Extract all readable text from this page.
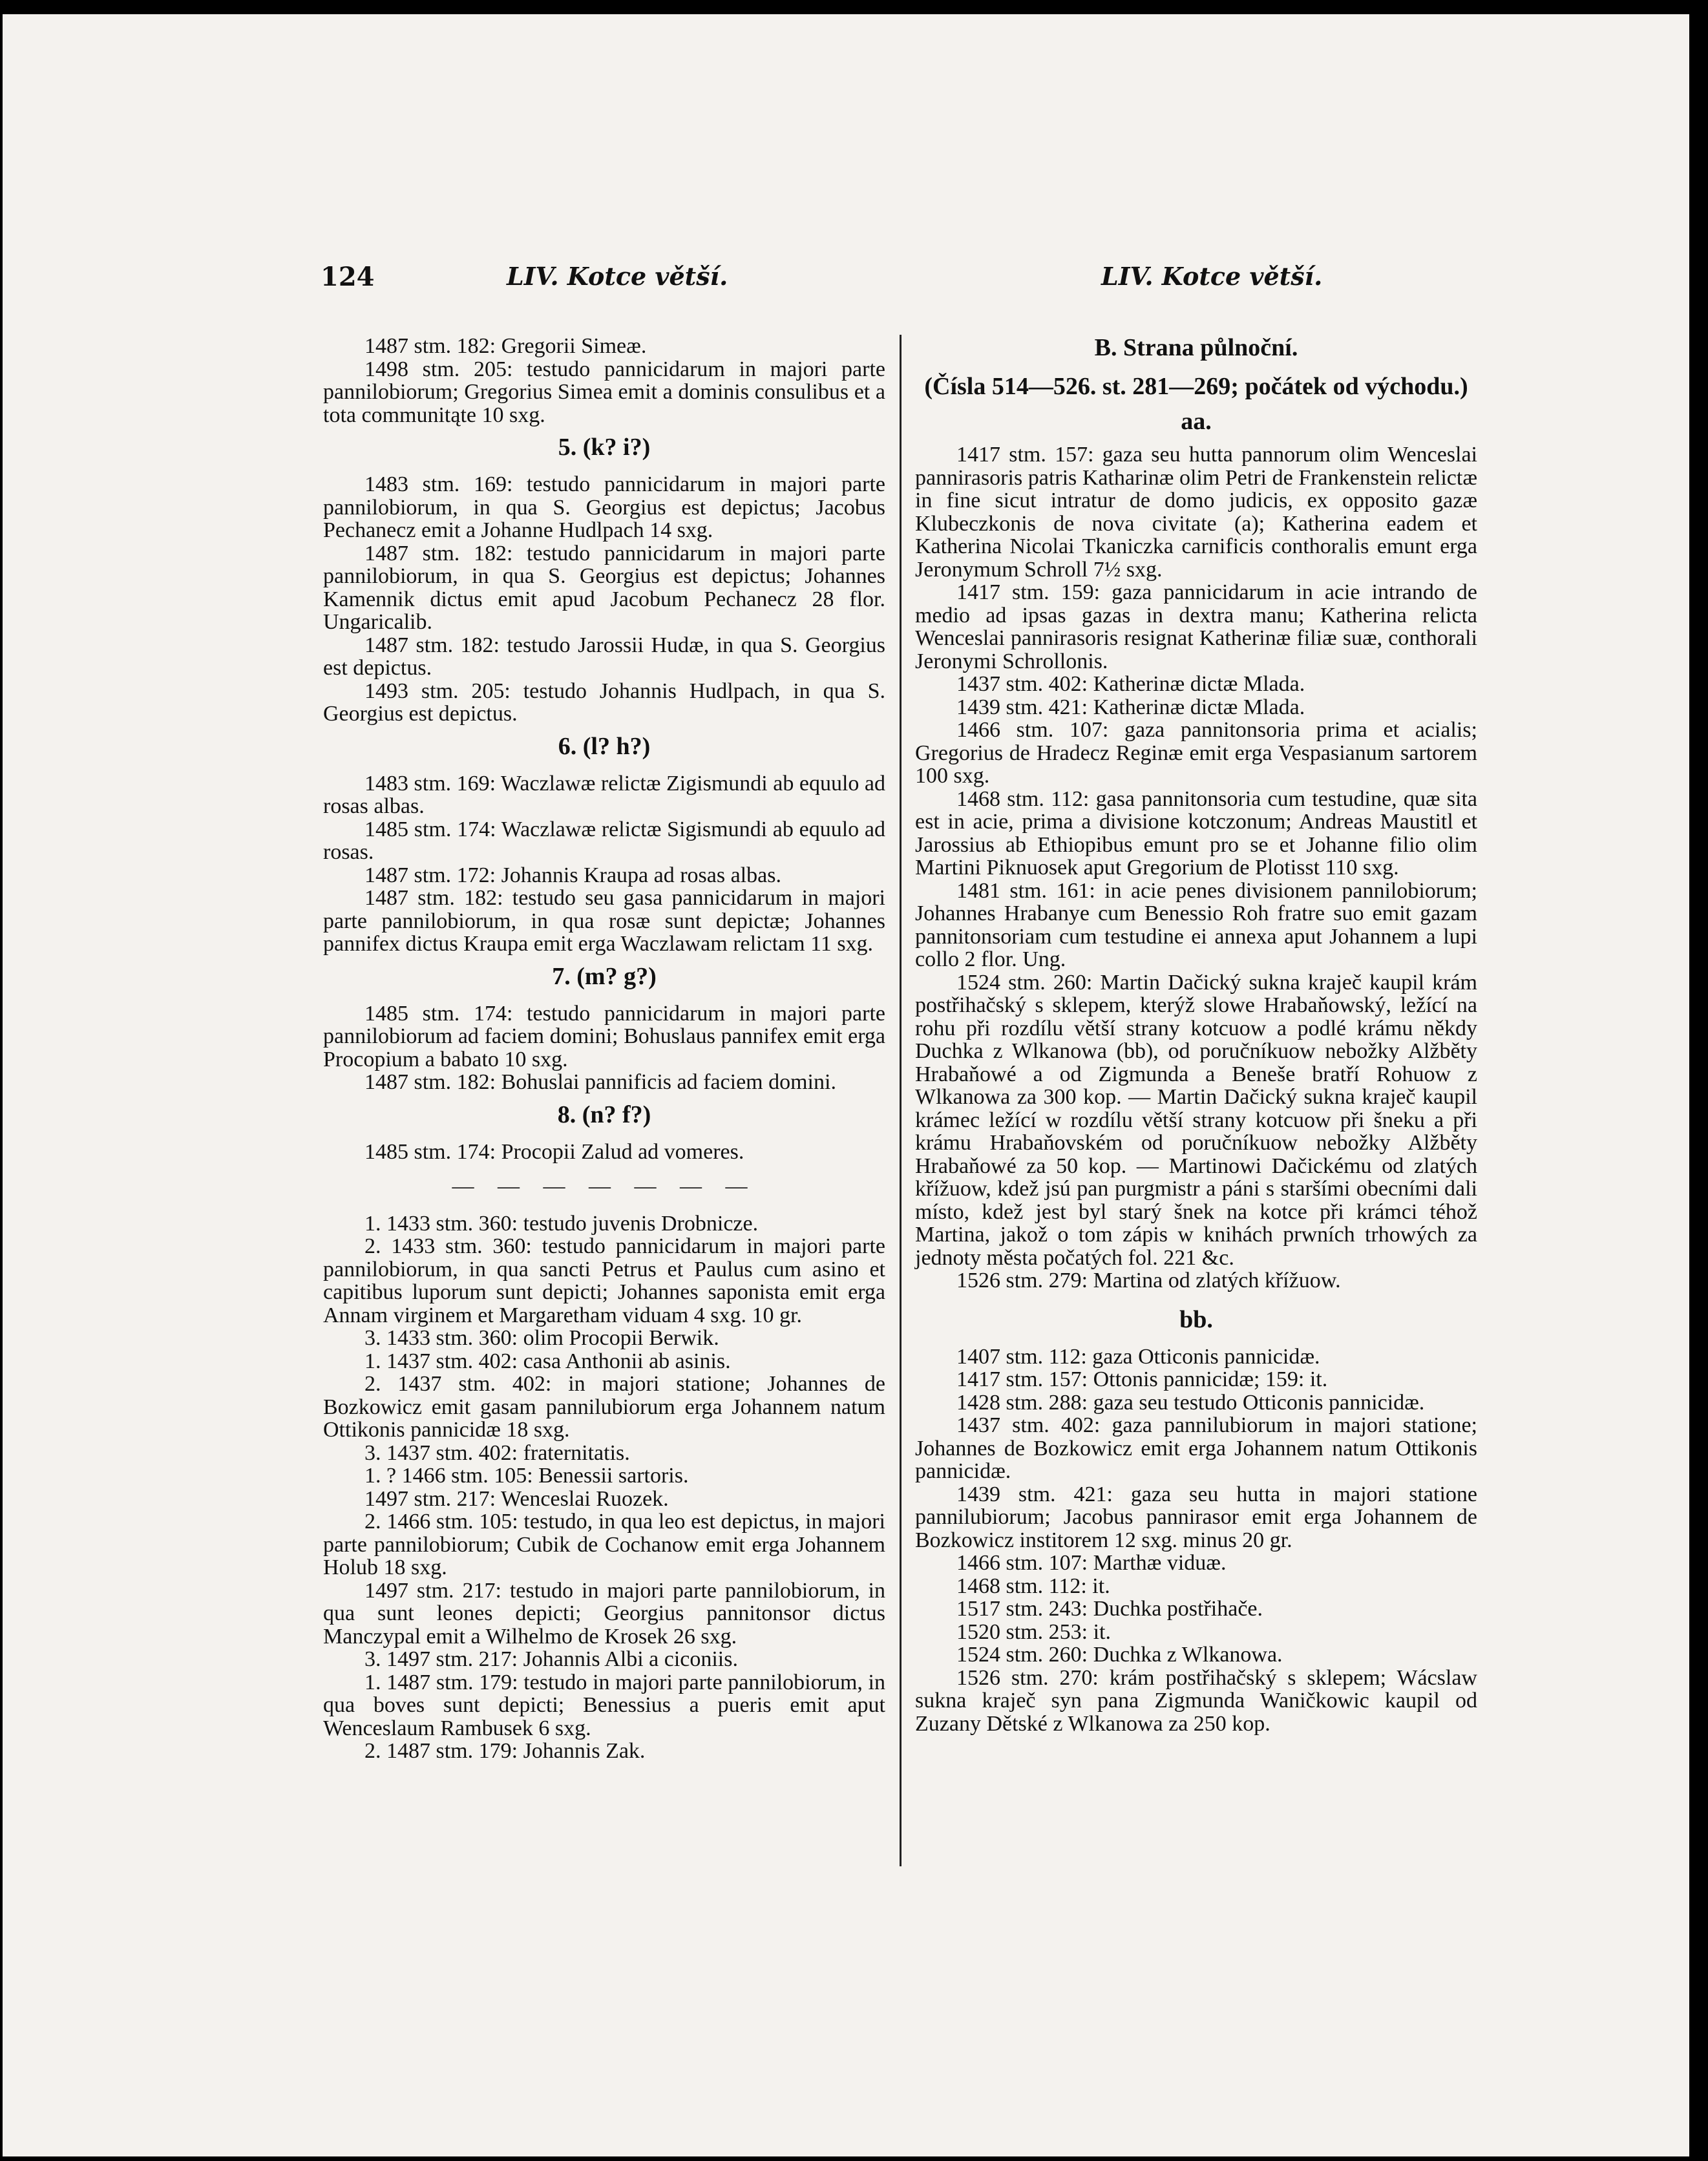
124	LIV. Kotce větší.	LIV. Kotce větší.

1487 stm. 182: Gregorii Simeæ.

1498 stm. 205: testudo pannicidarum in majori parte pannilobiorum; Gregorius Simea emit a dominis consulibus et a tota communitąte 10 sxg.

5. (k? i?)

1483 stm. 169: testudo pannicidarum in majori parte pannilobiorum, in qua S. Georgius est depictus; Jacobus Pechanecz emit a Johanne Hudlpach 14 sxg.

1487 stm. 182: testudo pannicidarum in majori parte pannilobiorum, in qua S. Georgius est depictus; Johannes Kamennik dictus emit apud Jacobum Pechanecz 28 flor. Ungaricalib.

1487 stm. 182: testudo Jarossii Hudæ, in qua S. Georgius est depictus.

1493 stm. 205: testudo Johannis Hudlpach, in qua S. Georgius est depictus.

6. (l? h?)

1483 stm. 169: Waczlawæ relictæ Zigismundi ab equulo ad rosas albas.

1485 stm. 174: Waczlawæ relictæ Sigismundi ab equulo ad rosas.

1487 stm. 172: Johannis Kraupa ad rosas albas.

1487 stm. 182: testudo seu gasa pannicidarum in majori parte pannilobiorum, in qua rosæ sunt depictæ; Johannes pannifex dictus Kraupa emit erga Waczlawam relictam 11 sxg.

7. (m? g?)

1485 stm. 174: testudo pannicidarum in majori parte pannilobiorum ad faciem domini; Bohuslaus pannifex emit erga Procopium a babato 10 sxg.

1487 stm. 182: Bohuslai pannificis ad faciem domini.

8. (n? f?)

1485 stm. 174: Procopii Zalud ad vomeres.

— — — — — — —

1. 1433 stm. 360: testudo juvenis Drobnicze.

2. 1433 stm. 360: testudo pannicidarum in majori parte pannilobiorum, in qua sancti Petrus et Paulus cum asino et capitibus luporum sunt depicti; Johannes saponista emit erga Annam virginem et Margaretham viduam 4 sxg. 10 gr.

3. 1433 stm. 360: olim Procopii Berwik.

1. 1437 stm. 402: casa Anthonii ab asinis.

2. 1437 stm. 402: in majori statione; Johannes de Bozkowicz emit gasam pannilubiorum erga Johannem natum Ottikonis pannicidæ 18 sxg.

3. 1437 stm. 402: fraternitatis.

1. ? 1466 stm. 105: Benessii sartoris.

1497 stm. 217: Wenceslai Ruozek.

2. 1466 stm. 105: testudo, in qua leo est depictus, in majori parte pannilobiorum; Cubik de Cochanow emit erga Johannem Holub 18 sxg.

1497 stm. 217: testudo in majori parte pannilobiorum, in qua sunt leones depicti; Georgius pannitonsor dictus Manczypal emit a Wilhelmo de Krosek 26 sxg.

3. 1497 stm. 217: Johannis Albi a ciconiis.

1. 1487 stm. 179: testudo in majori parte pannilobiorum, in qua boves sunt depicti; Benessius a pueris emit aput Wenceslaum Rambusek 6 sxg.

2. 1487 stm. 179: Johannis Zak.

B. Strana půlnoční.
(Čísla 514—526. st. 281—269; počátek od východu.)
aa.

1417 stm. 157: gaza seu hutta pannorum olim Wenceslai pannirasoris patris Katharinæ olim Petri de Frankenstein relictæ in fine sicut intratur de domo judicis, ex opposito gazæ Klubeczkonis de nova civitate (a); Katherina eadem et Katherina Nicolai Tkaniczka carnificis conthoralis emunt erga Jeronymum Schroll 7½ sxg.

1417 stm. 159: gaza pannicidarum in acie intrando de medio ad ipsas gazas in dextra manu; Katherina relicta Wenceslai pannirasoris resignat Katherinæ filiæ suæ, conthorali Jeronymi Schrollonis.

1437 stm. 402: Katherinæ dictæ Mlada.

1439 stm. 421: Katherinæ dictæ Mlada.

1466 stm. 107: gaza pannitonsoria prima et acialis; Gregorius de Hradecz Reginæ emit erga Vespasianum sartorem 100 sxg.

1468 stm. 112: gasa pannitonsoria cum testudine, quæ sita est in acie, prima a divisione kotczonum; Andreas Maustitl et Jarossius ab Ethiopibus emunt pro se et Johanne filio olim Martini Piknuosek aput Gregorium de Plotisst 110 sxg.

1481 stm. 161: in acie penes divisionem pannilobiorum; Johannes Hrabanye cum Benessio Roh fratre suo emit gazam pannitonsoriam cum testudine ei annexa aput Johannem a lupi collo 2 flor. Ung.

1524 stm. 260: Martin Dačický sukna kraječ kaupil krám postřihačský s sklepem, kterýž slowe Hrabaňowský, ležící na rohu při rozdílu větší strany kotcuow a podlé krámu někdy Duchka z Wlkanowa (bb), od poručníkuow nebožky Alžběty Hrabaňowé a od Zigmunda a Beneše bratří Rohuow z Wlkanowa za 300 kop. — Martin Dačický sukna kraječ kaupil krámec ležící w rozdílu větší strany kotcuow při šneku a při krámu Hrabaňovském od poručníkuow nebožky Alžběty Hrabaňowé za 50 kop. — Martinowi Dačickému od zlatých křížuow, kdež jsú pan purgmistr a páni s staršími obecními dali místo, kdež jest byl starý šnek na kotce při krámci téhož Martina, jakož o tom zápis w knihách prwních trhowých za jednoty města počatých fol. 221 &c.

1526 stm. 279: Martina od zlatých křížuow.

bb.

1407 stm. 112: gaza Otticonis pannicidæ.

1417 stm. 157: Ottonis pannicidæ; 159: it.

1428 stm. 288: gaza seu testudo Otticonis pannicidæ.

1437 stm. 402: gaza pannilubiorum in majori statione; Johannes de Bozkowicz emit erga Johannem natum Ottikonis pannicidæ.

1439 stm. 421: gaza seu hutta in majori statione pannilubiorum; Jacobus pannirasor emit erga Johannem de Bozkowicz institorem 12 sxg. minus 20 gr.

1466 stm. 107: Marthæ viduæ.

1468 stm. 112: it.

1517 stm. 243: Duchka postřihače.

1520 stm. 253: it.

1524 stm. 260: Duchka z Wlkanowa.

1526 stm. 270: krám postřihačský s sklepem; Wácslaw sukna kraječ syn pana Zigmunda Waničkowic kaupil od Zuzany Dětské z Wlkanowa za 250 kop.
